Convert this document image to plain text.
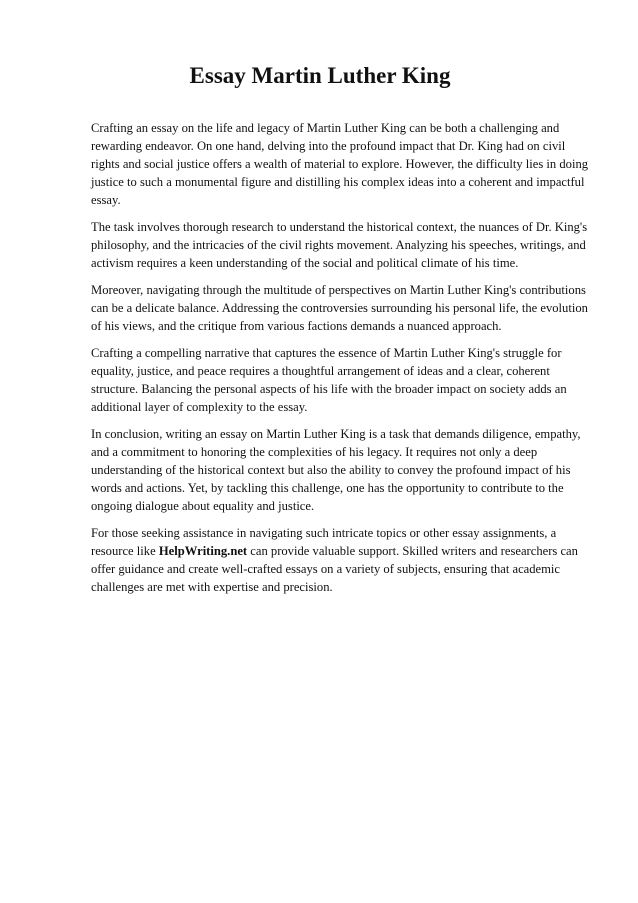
Essay Martin Luther King

Crafting an essay on the life and legacy of Martin Luther King can be both a challenging and rewarding endeavor. On one hand, delving into the profound impact that Dr. King had on civil rights and social justice offers a wealth of material to explore. However, the difficulty lies in doing justice to such a monumental figure and distilling his complex ideas into a coherent and impactful essay.

The task involves thorough research to understand the historical context, the nuances of Dr. King's philosophy, and the intricacies of the civil rights movement. Analyzing his speeches, writings, and activism requires a keen understanding of the social and political climate of his time.

Moreover, navigating through the multitude of perspectives on Martin Luther King's contributions can be a delicate balance. Addressing the controversies surrounding his personal life, the evolution of his views, and the critique from various factions demands a nuanced approach.

Crafting a compelling narrative that captures the essence of Martin Luther King's struggle for equality, justice, and peace requires a thoughtful arrangement of ideas and a clear, coherent structure. Balancing the personal aspects of his life with the broader impact on society adds an additional layer of complexity to the essay.

In conclusion, writing an essay on Martin Luther King is a task that demands diligence, empathy, and a commitment to honoring the complexities of his legacy. It requires not only a deep understanding of the historical context but also the ability to convey the profound impact of his words and actions. Yet, by tackling this challenge, one has the opportunity to contribute to the ongoing dialogue about equality and justice.

For those seeking assistance in navigating such intricate topics or other essay assignments, a resource like HelpWriting.net can provide valuable support. Skilled writers and researchers can offer guidance and create well-crafted essays on a variety of subjects, ensuring that academic challenges are met with expertise and precision.
